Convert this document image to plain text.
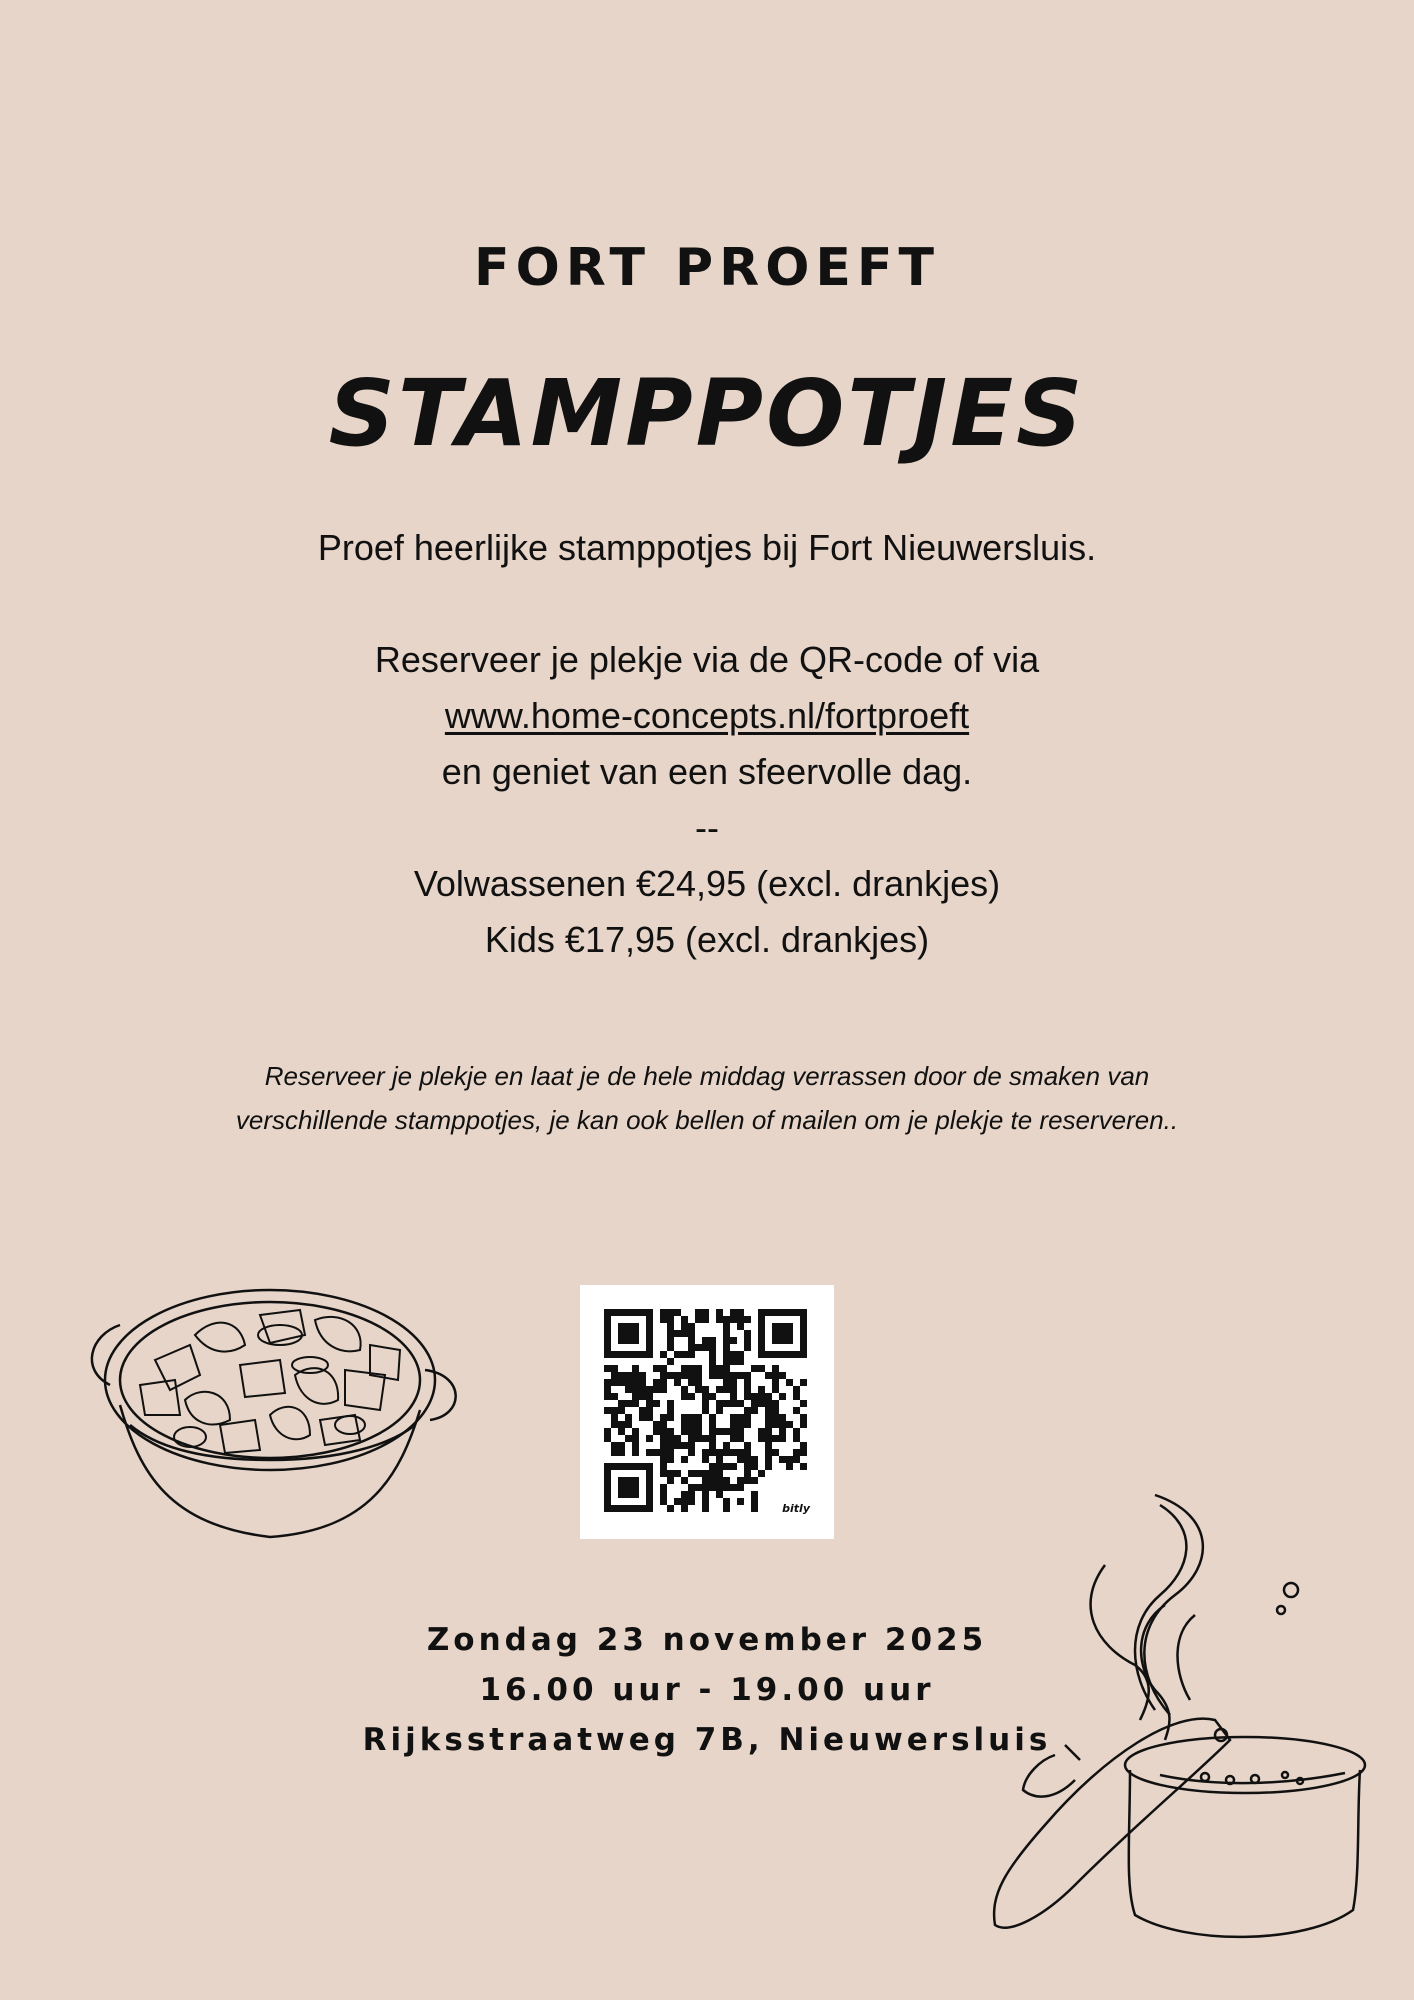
FORT PROEFT
STAMPPOTJES
Proef heerlijke stamppotjes bij Fort Nieuwersluis.
Reserveer je plekje via de QR-code of via
www.home-concepts.nl/fortproeft
en geniet van een sfeervolle dag.
--
Volwassenen €24,95 (excl. drankjes)
Kids €17,95 (excl. drankjes)
Reserveer je plekje en laat je de hele middag verrassen door de smaken van
verschillende stamppotjes, je kan ook bellen of mailen om je plekje te reserveren..
bitly
Zondag 23 november 2025
16.00 uur - 19.00 uur
Rijksstraatweg 7B, Nieuwersluis
